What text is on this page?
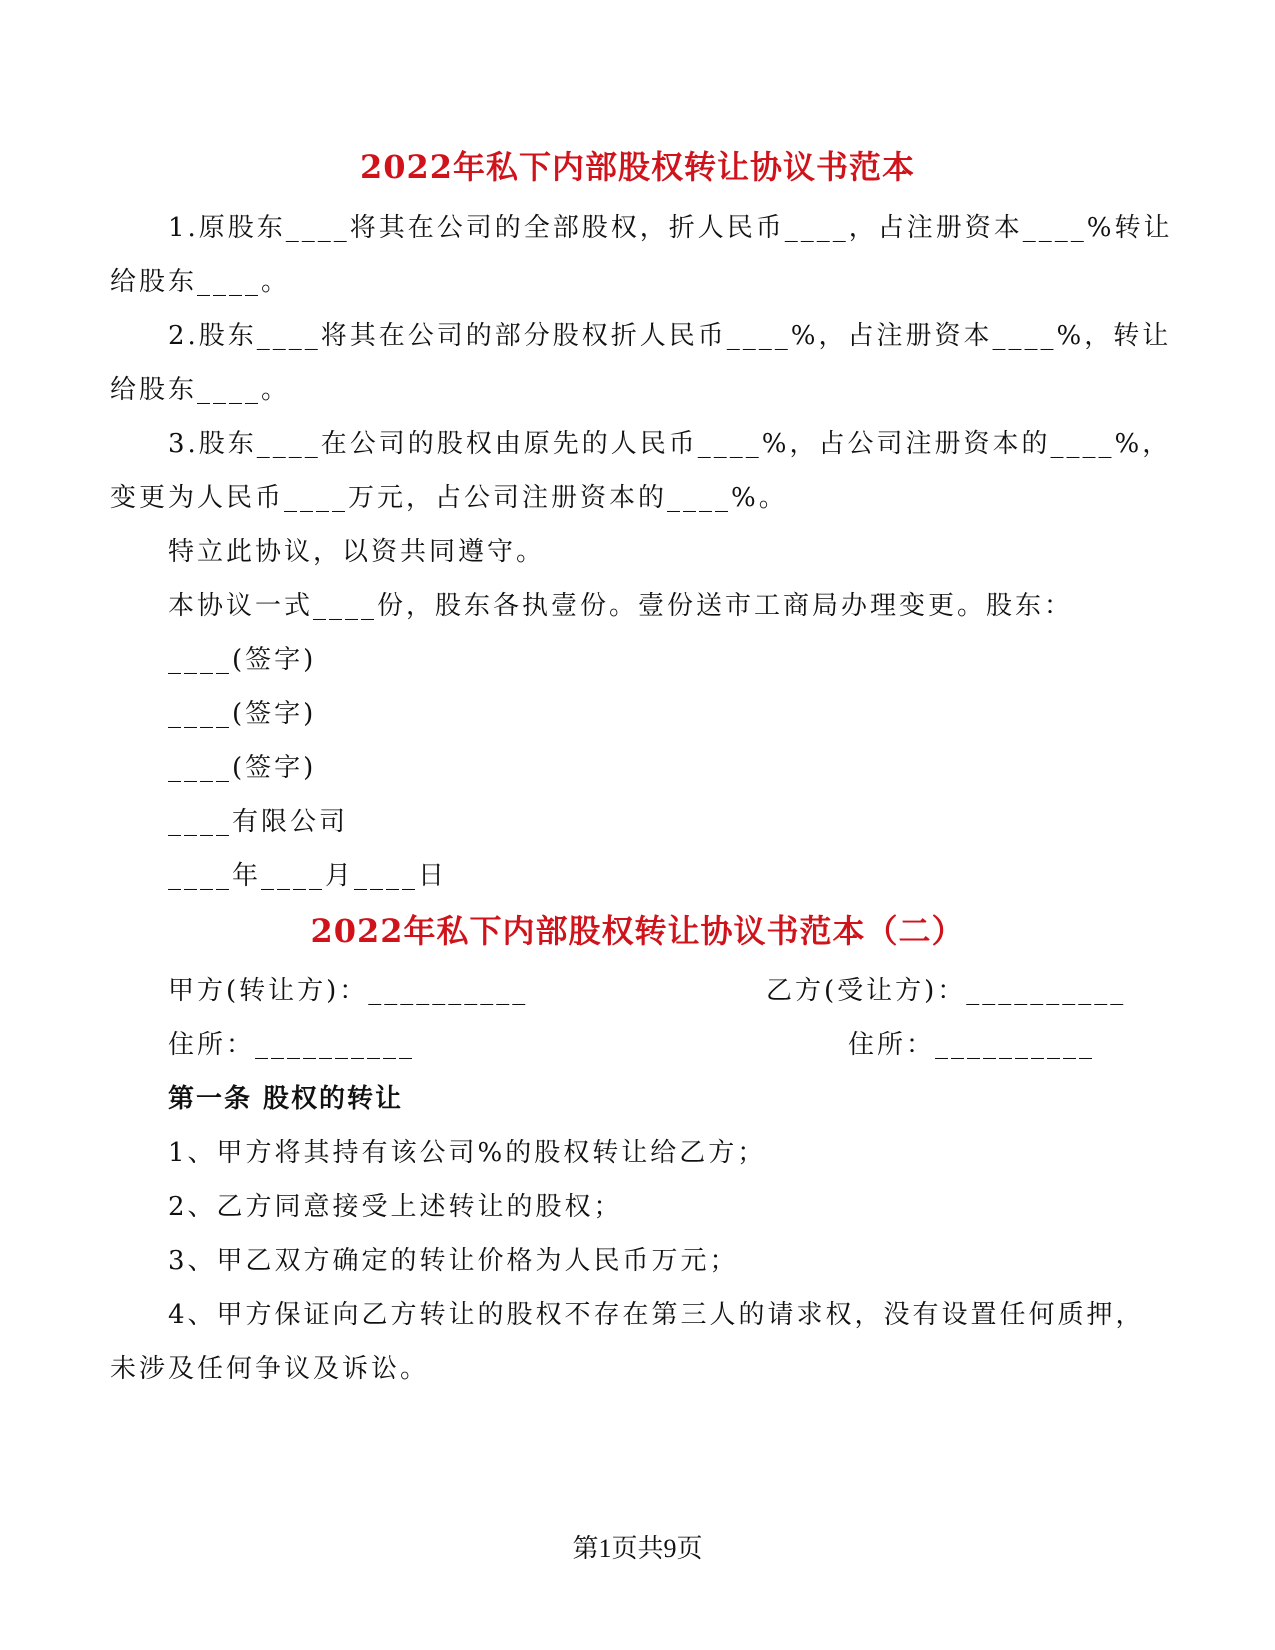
2022年私下内部股权转让协议书范本
1.原股东____将其在公司的全部股权，折人民币____，占注册资本____%转让
给股东____。
2.股东____将其在公司的部分股权折人民币____%，占注册资本____%，转让
给股东____。
3.股东____在公司的股权由原先的人民币____%，占公司注册资本的____%，
变更为人民币____万元，占公司注册资本的____%。
特立此协议，以资共同遵守。
本协议一式____份，股东各执壹份。壹份送市工商局办理变更。股东：
____(签字)
____(签字)
____(签字)
____有限公司
____年____月____日
2022年私下内部股权转让协议书范本（二）
甲方(转让方)：__________	乙方(受让方)：__________
住所：__________	住所：__________
第一条 股权的转让
1、甲方将其持有该公司%的股权转让给乙方；
2、乙方同意接受上述转让的股权；
3、甲乙双方确定的转让价格为人民币万元；
4、甲方保证向乙方转让的股权不存在第三人的请求权，没有设置任何质押，
未涉及任何争议及诉讼。
第1页共9页
